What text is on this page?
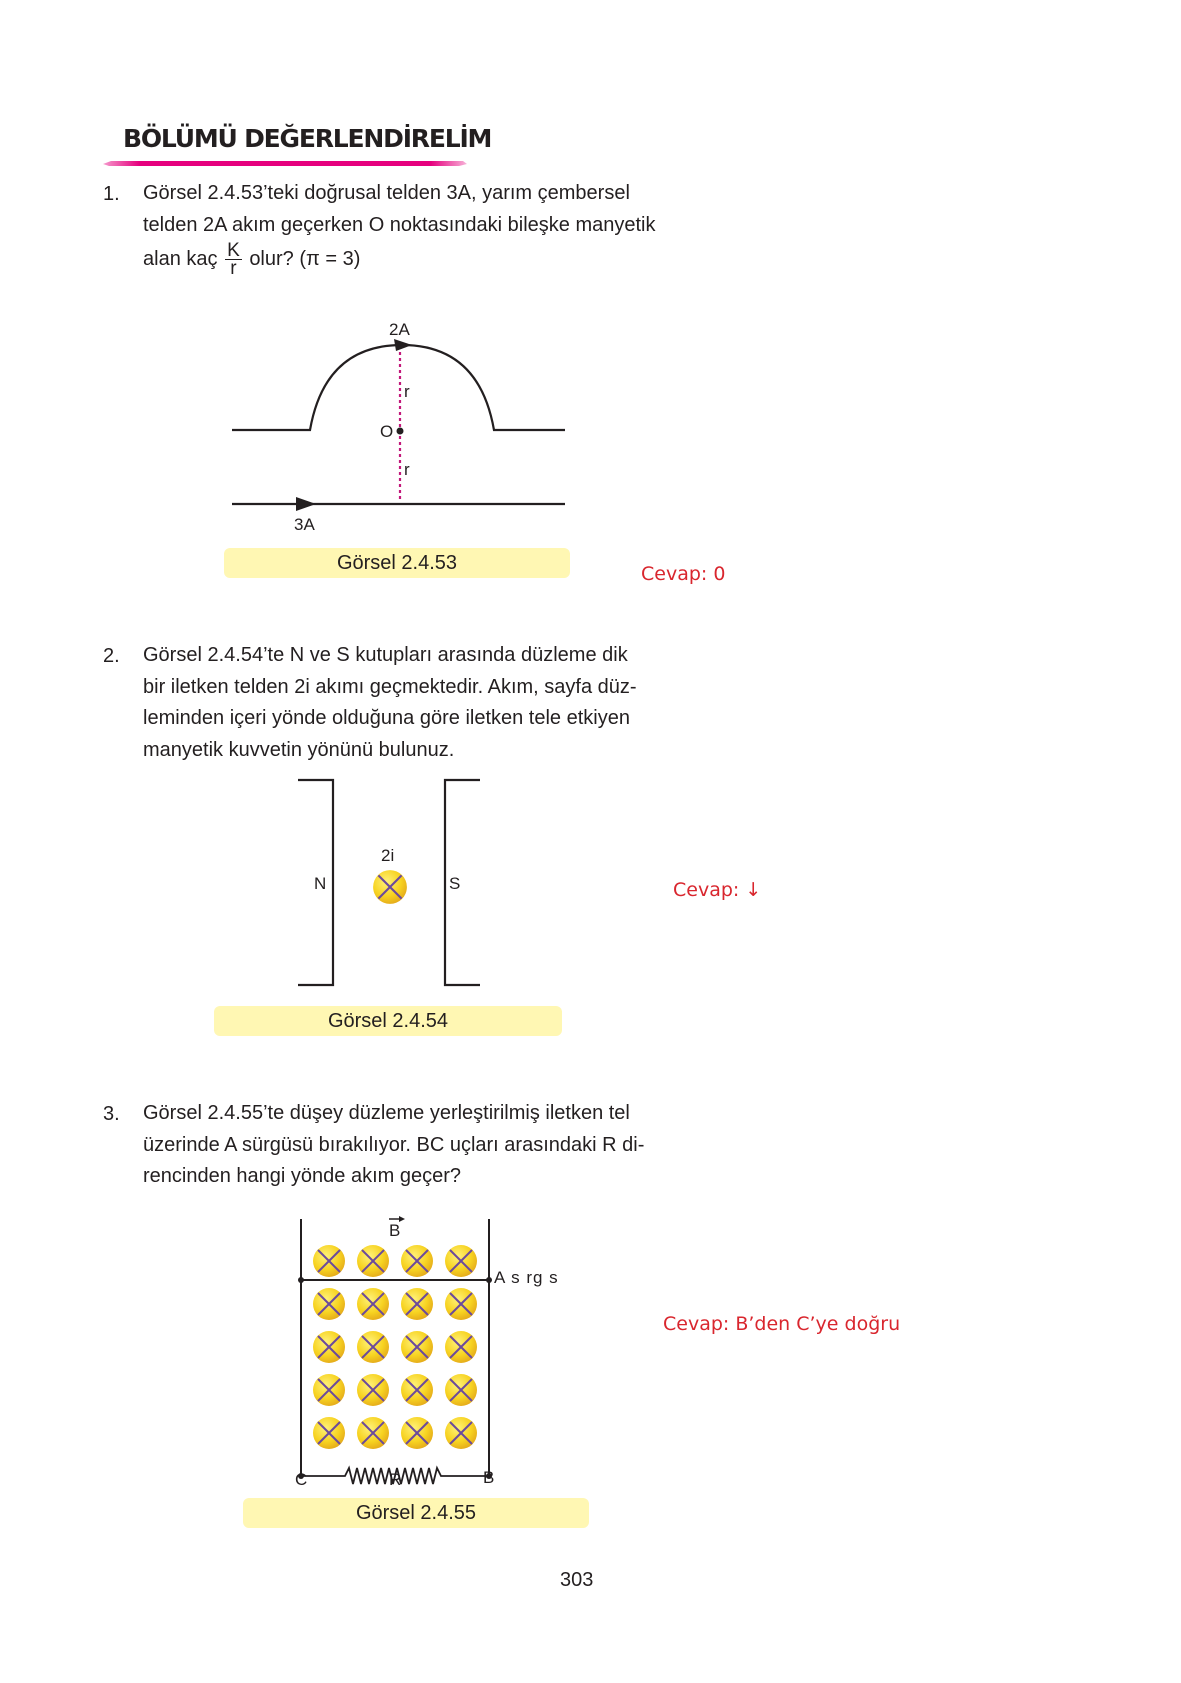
BÖLÜMÜ DEĞERLENDİRELİM
1. Görsel 2.4.53’teki doğrusal telden 3A, yarım çembersel
telden 2A akım geçerken O noktasındaki bileşke manyetik
alan kaç $\frac{K}{r}$ olur? (π = 3)
2A
r
O
r
3A
Görsel 2.4.53	Cevap: 0
2. Görsel 2.4.54’te N ve S kutupları arasında düzleme dik
bir iletken telden 2i akımı geçmektedir. Akım, sayfa düz-
leminden içeri yönde olduğuna göre iletken tele etkiyen
manyetik kuvvetin yönünü bulunuz.
2i
N	S
Görsel 2.4.54
Cevap: ↓
3. Görsel 2.4.55’te düşey düzleme yerleştirilmiş iletken tel
üzerinde A sürgüsü bırakılıyor. BC uçları arasındaki R di-
rencinden hangi yönde akım geçer?
B
A s rg s
C	R	B
Görsel 2.4.55
Cevap: B’den C’ye doğru
303
